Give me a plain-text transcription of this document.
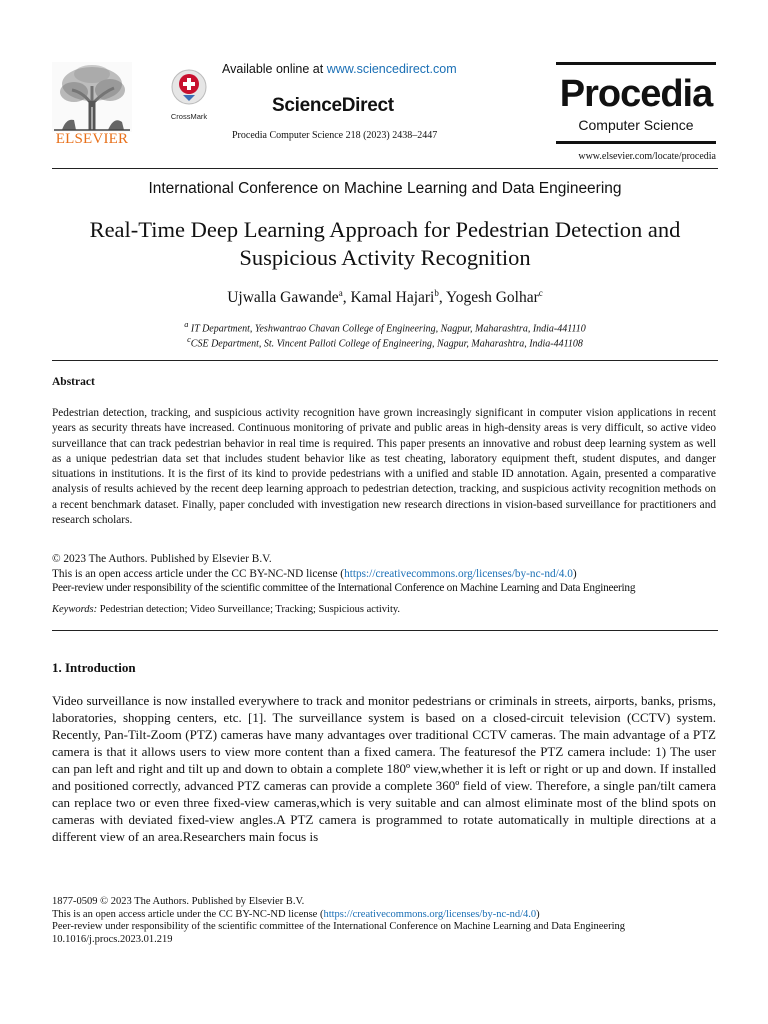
ELSEVIER
CrossMark
Available online at www.sciencedirect.com
ScienceDirect
Procedia Computer Science 218 (2023) 2438–2447
Procedia
Computer Science
www.elsevier.com/locate/procedia
International Conference on Machine Learning and Data Engineering
Real-Time Deep Learning Approach for Pedestrian Detection and
Suspicious Activity Recognition
Ujwalla Gawande$^a$, Kamal Hajari$^b$, Yogesh Golhar$^c$
$^a$ IT Department, Yeshwantrao Chavan College of Engineering, Nagpur, Maharashtra, India-441110
$^c$CSE Department, St. Vincent Palloti College of Engineering, Nagpur, Maharashtra, India-441108
Abstract
Pedestrian detection, tracking, and suspicious activity recognition have grown increasingly significant in computer vision applications in recent years as security threats have increased. Continuous monitoring of private and public areas in high-density areas is very difficult, so active video surveillance that can track pedestrian behavior in real time is required. This paper presents an innovative and robust deep learning system as well as a unique pedestrian data set that includes student behavior like as test cheating, laboratory equipment theft, student disputes, and danger situations in institutions. It is the first of its kind to provide pedestrians with a unified and stable ID annotation. Again, presented a comparative analysis of results achieved by the recent deep learning approach to pedestrian detection, tracking, and suspicious activity recognition methods on a recent benchmark dataset. Finally, paper concluded with investigation new research directions in vision-based surveillance for practitioners and research scholars.
© 2023 The Authors. Published by Elsevier B.V.
This is an open access article under the CC BY-NC-ND license (https://creativecommons.org/licenses/by-nc-nd/4.0)
Peer-review under responsibility of the scientific committee of the International Conference on Machine Learning and Data Engineering
Keywords: Pedestrian detection; Video Surveillance; Tracking; Suspicious activity.
1. Introduction
Video surveillance is now installed everywhere to track and monitor pedestrians or criminals in streets, airports, banks, prisms, laboratories, shopping centers, etc. [1]. The surveillance system is based on a closed-circuit television (CCTV) system. Recently, Pan-Tilt-Zoom (PTZ) cameras have many advantages over traditional CCTV cameras. The main advantage of a PTZ camera is that it allows users to view more content than a fixed camera. The featuresof the PTZ camera include: 1) The user can pan left and right and tilt up and down to obtain a complete 180º view,whether it is left or right or up and down. If installed and positioned correctly, advanced PTZ cameras can provide a complete 360º field of view. Therefore, a single pan/tilt camera can replace two or even three fixed-view cameras,which is very suitable and can almost eliminate most of the blind spots on cameras with deviated fixed-view angles.A PTZ camera is programmed to rotate automatically in multiple directions at a different view of an area.Researchers main focus is
1877-0509 © 2023 The Authors. Published by Elsevier B.V.
This is an open access article under the CC BY-NC-ND license (https://creativecommons.org/licenses/by-nc-nd/4.0)
Peer-review under responsibility of the scientific committee of the International Conference on Machine Learning and Data Engineering
10.1016/j.procs.2023.01.219
